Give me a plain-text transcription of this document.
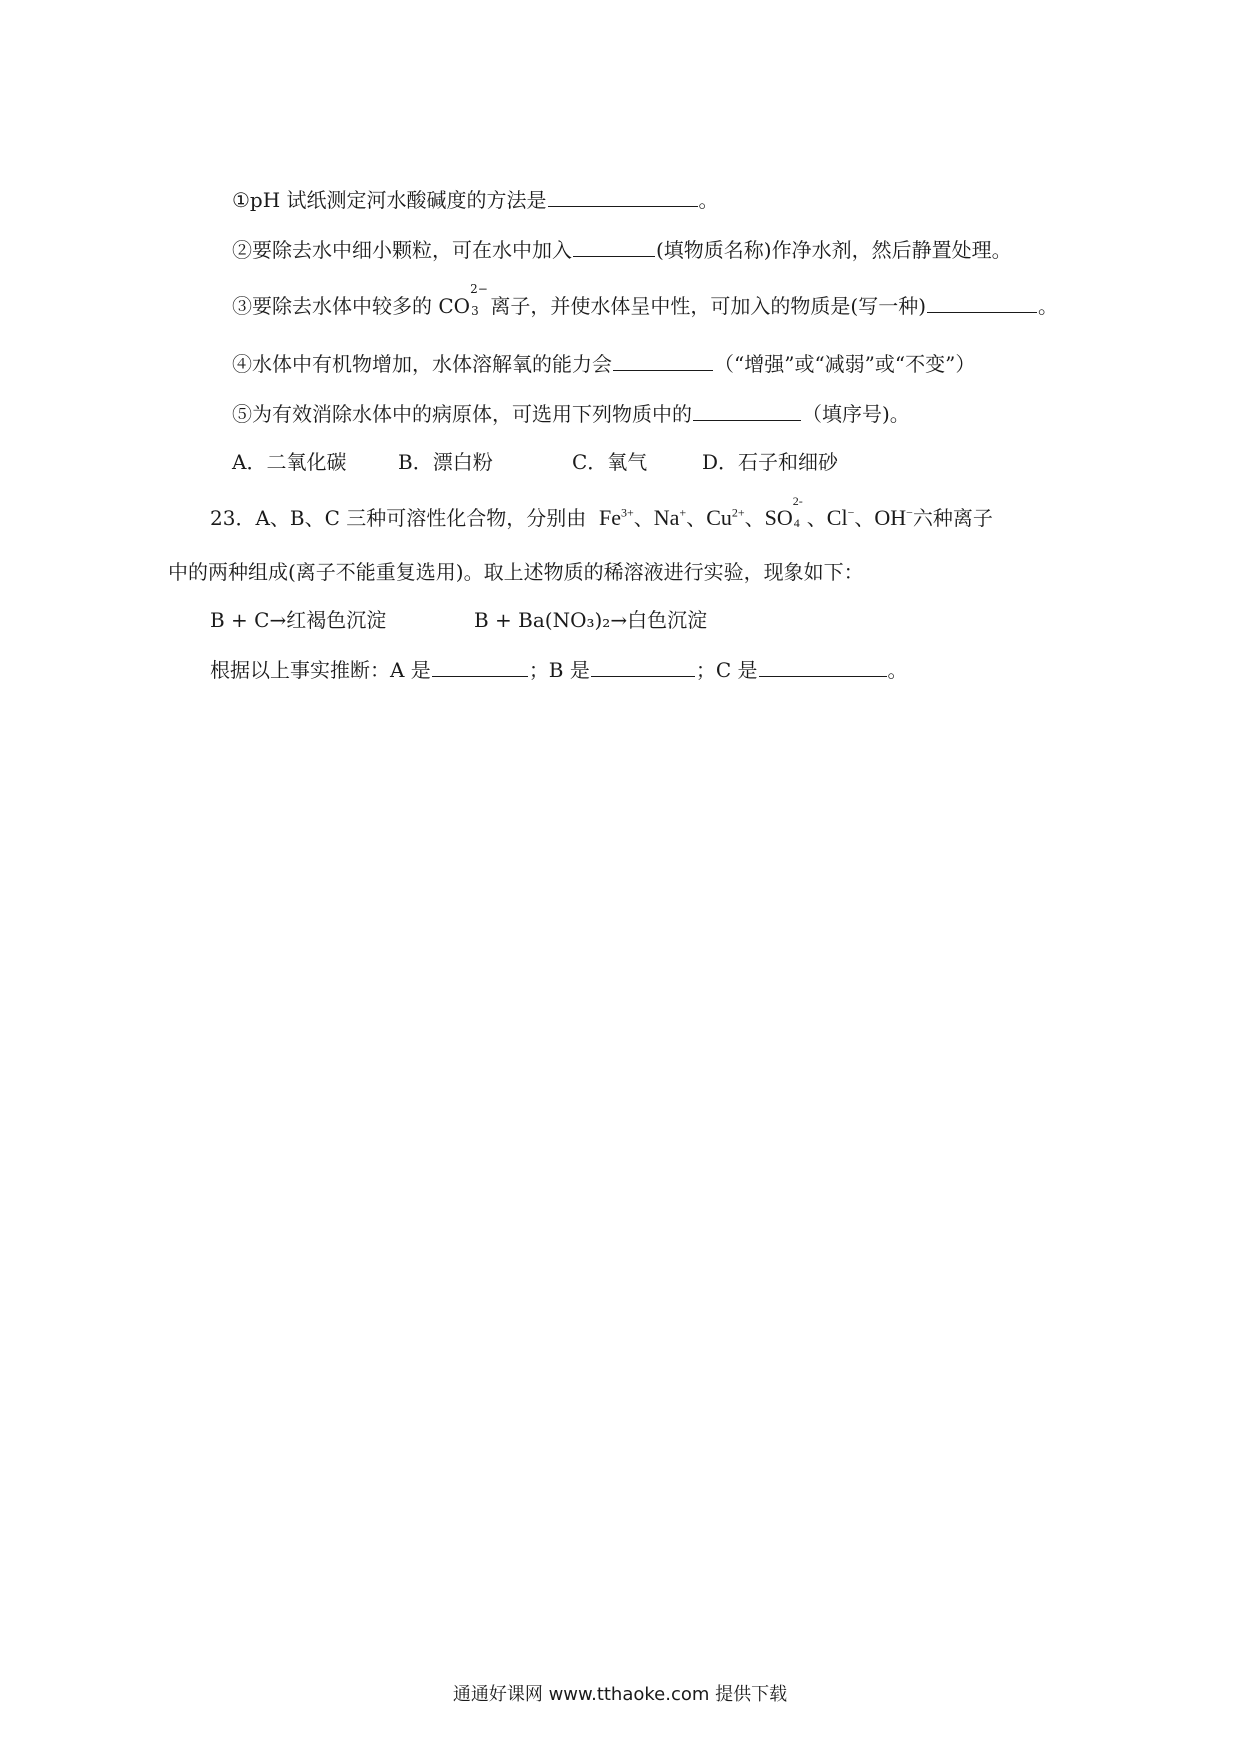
①pH 试纸测定河水酸碱度的方法是	。
②要除去水中细小颗粒，可在水中加入	(填物质名称)作净水剂，然后静置处理。
③要除去水体中较多的 CO
2−
3 离子，并使水体呈中性，可加入的物质是(写一种)	。
④水体中有机物增加，水体溶解氧的能力会	（“增强”或“减弱”或“不变”）
⑤为有效消除水体中的病原体，可选用下列物质中的	（填序号)。
A．二氧化碳	B．漂白粉	C．氧气	D．石子和细砂
23．A、B、C 三种可溶性化合物，分别由 $Fe^{3+}$、Na+、$Cu^{2+}$、SO
2-
4 、Cl−、OH−六种离子
中的两种组成(离子不能重复选用)。取上述物质的稀溶液进行实验，现象如下：
B + C→红褐色沉淀	B + Ba(NO₃)₂→白色沉淀
根据以上事实推断：A 是	；B 是	；C 是	。
通通好课网 www.tthaoke.com 提供下载
